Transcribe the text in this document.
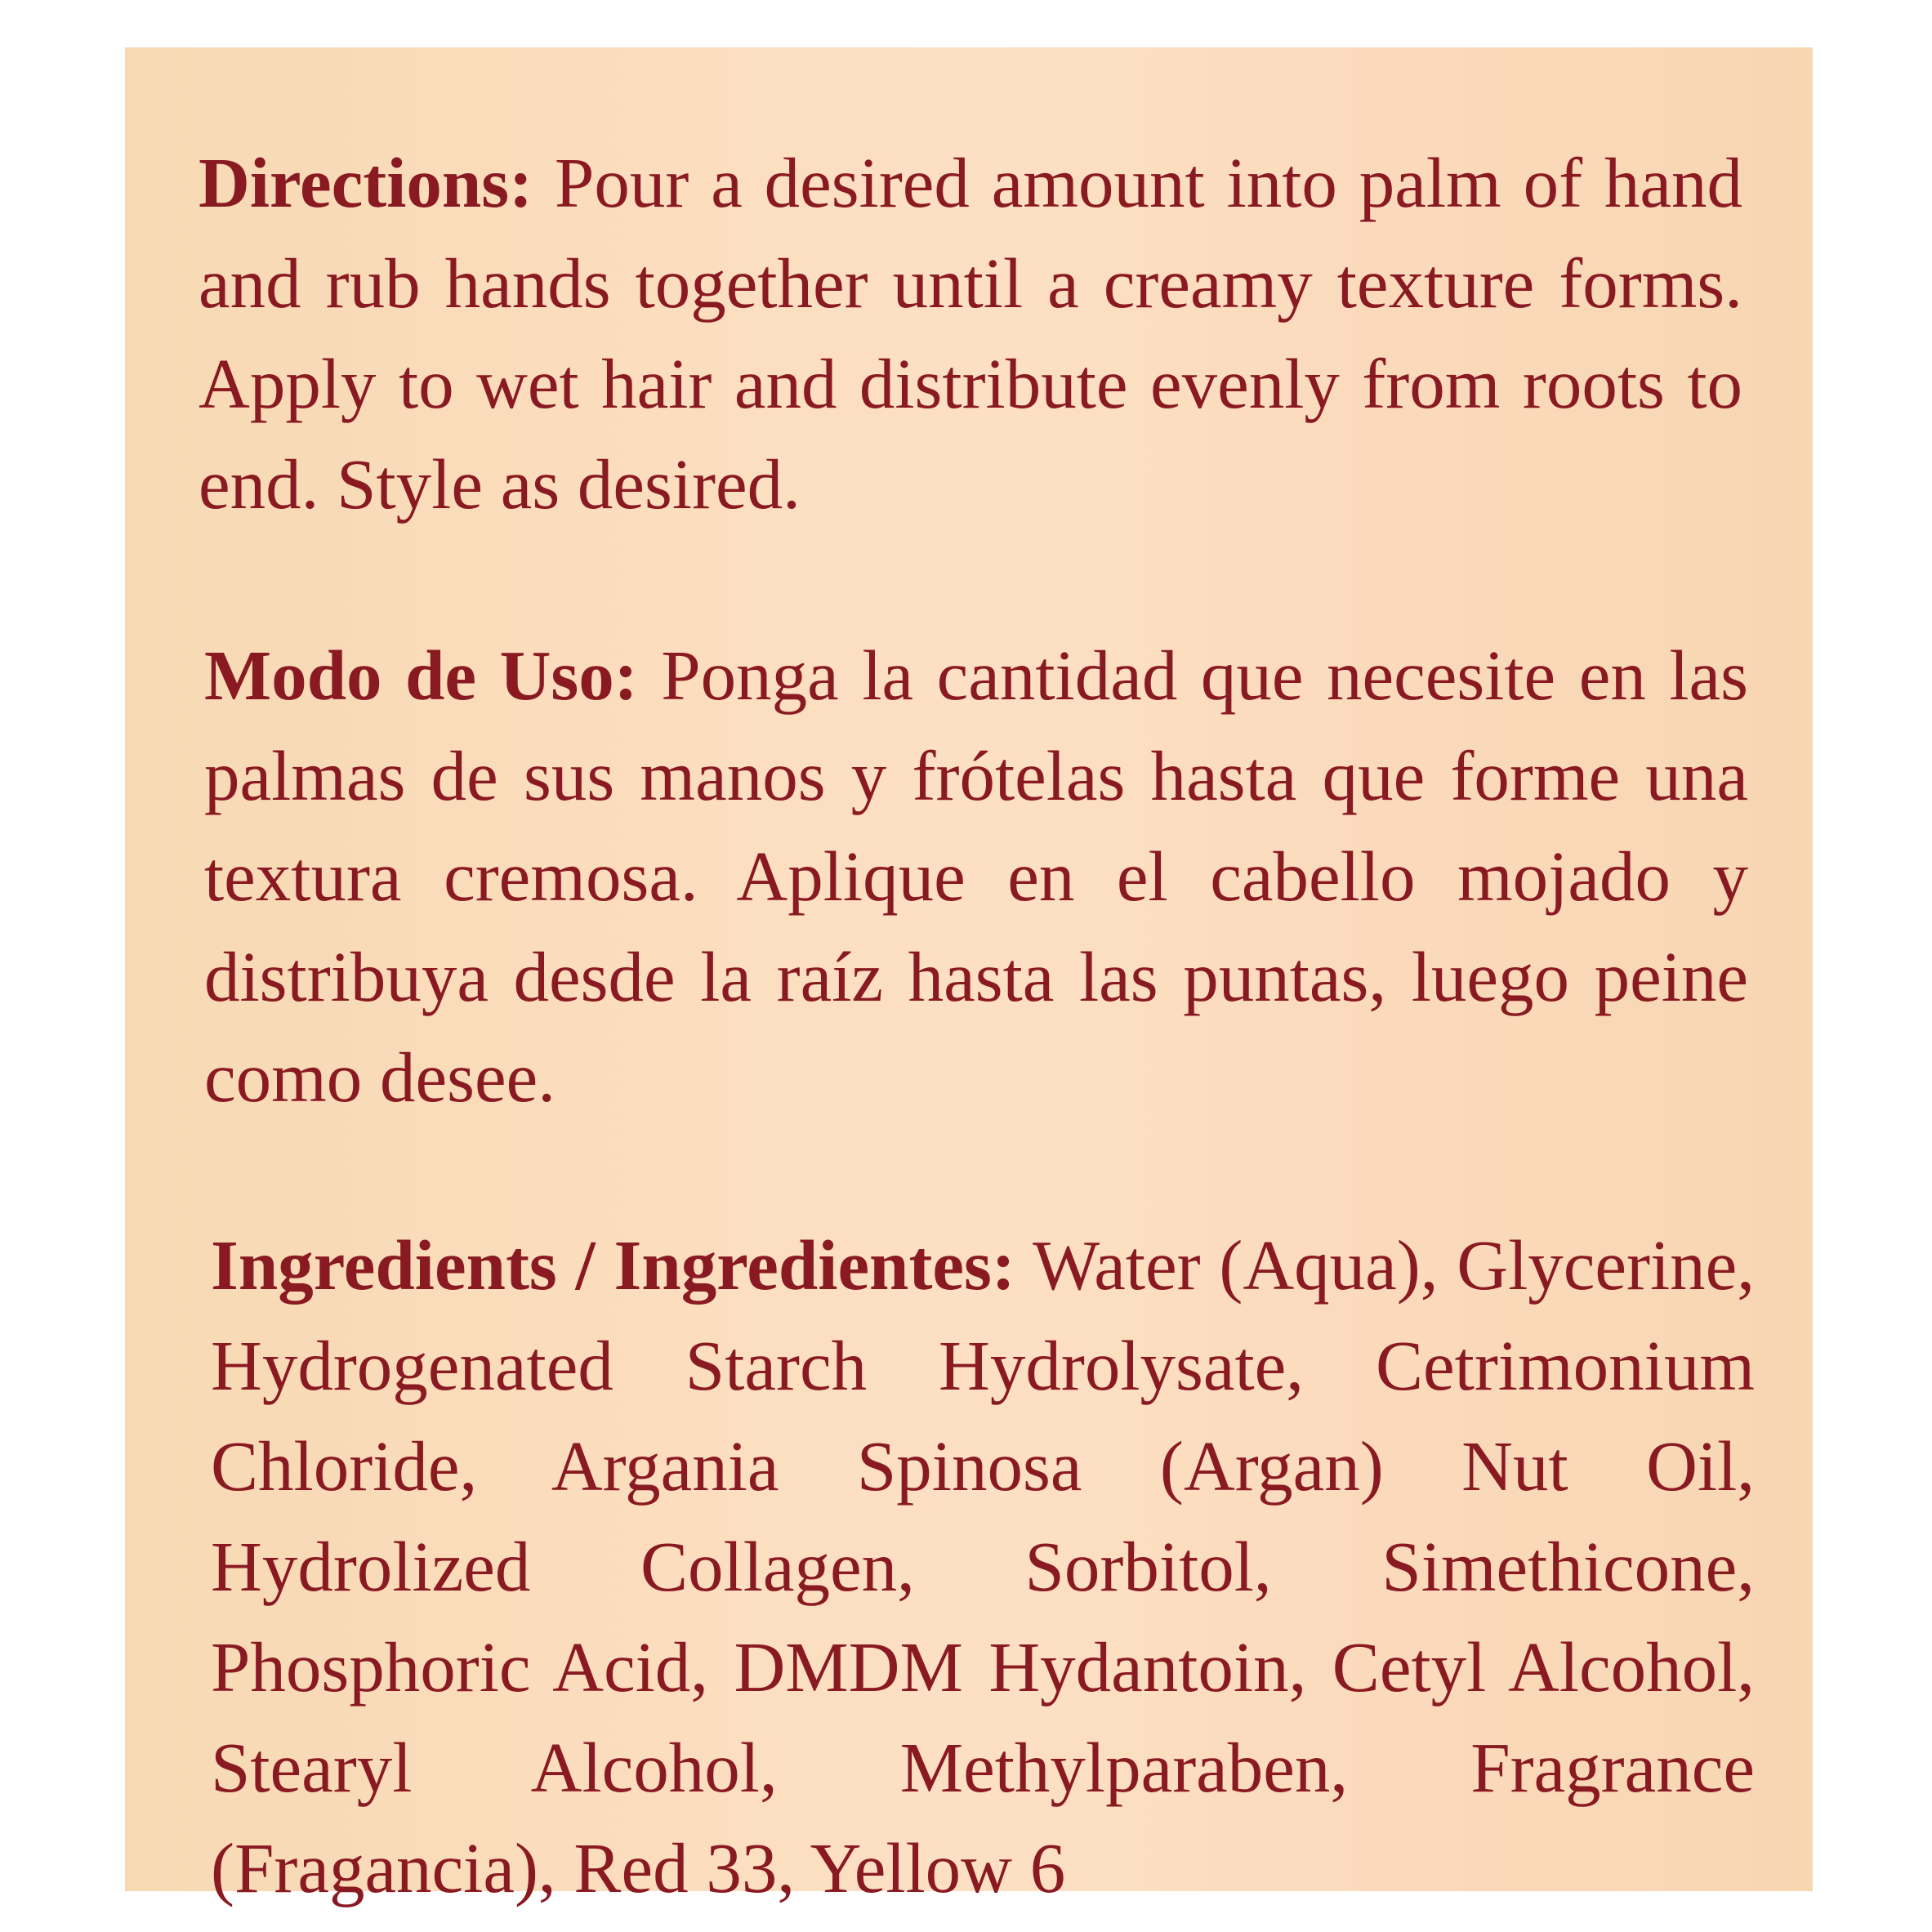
Directions: Pour a desired amount into palm of hand and rub hands together until a creamy texture forms. Apply to wet hair and distribute evenly from roots to end. Style as desired.

Modo de Uso: Ponga la cantidad que necesite en las palmas de sus manos y frótelas hasta que forme una textura cremosa. Aplique en el cabello mojado y distribuya desde la raíz hasta las puntas, luego peine como desee.

Ingredients / Ingredientes: Water (Aqua), Glycerine, Hydrogenated Starch Hydrolysate, Cetrimonium Chloride, Argania Spinosa (Argan) Nut Oil, Hydrolized Collagen, Sorbitol, Simethicone, Phosphoric Acid, DMDM Hydantoin, Cetyl Alcohol, Stearyl Alcohol, Methylparaben, Fragrance (Fragancia), Red 33, Yellow 6
